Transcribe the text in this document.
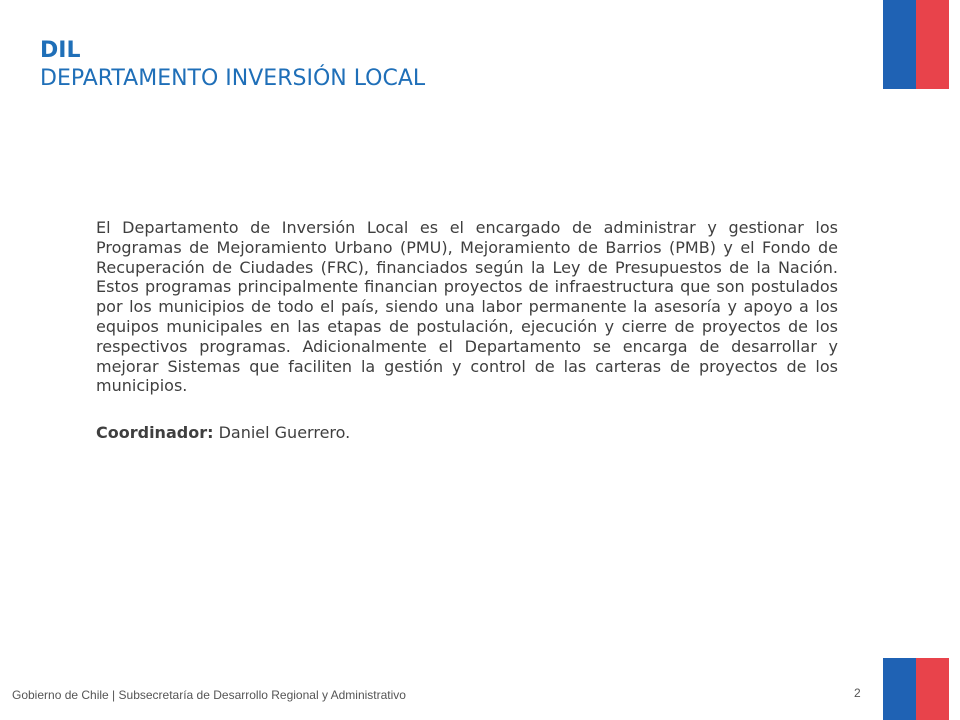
DIL
DEPARTAMENTO INVERSIÓN LOCAL

El Departamento de Inversión Local es el encargado de administrar y gestionar los Programas de Mejoramiento Urbano (PMU), Mejoramiento de Barrios (PMB) y el Fondo de Recuperación de Ciudades (FRC), financiados según la Ley de Presupuestos de la Nación. Estos programas principalmente financian proyectos de infraestructura que son postulados por los municipios de todo el país, siendo una labor permanente la asesoría y apoyo a los equipos municipales en las etapas de postulación, ejecución y cierre de proyectos de los respectivos programas. Adicionalmente el Departamento se encarga de desarrollar y mejorar Sistemas que faciliten la gestión y control de las carteras de proyectos de los municipios.

Coordinador: Daniel Guerrero.
Gobierno de Chile | Subsecretaría de Desarrollo Regional y Administrativo	2
